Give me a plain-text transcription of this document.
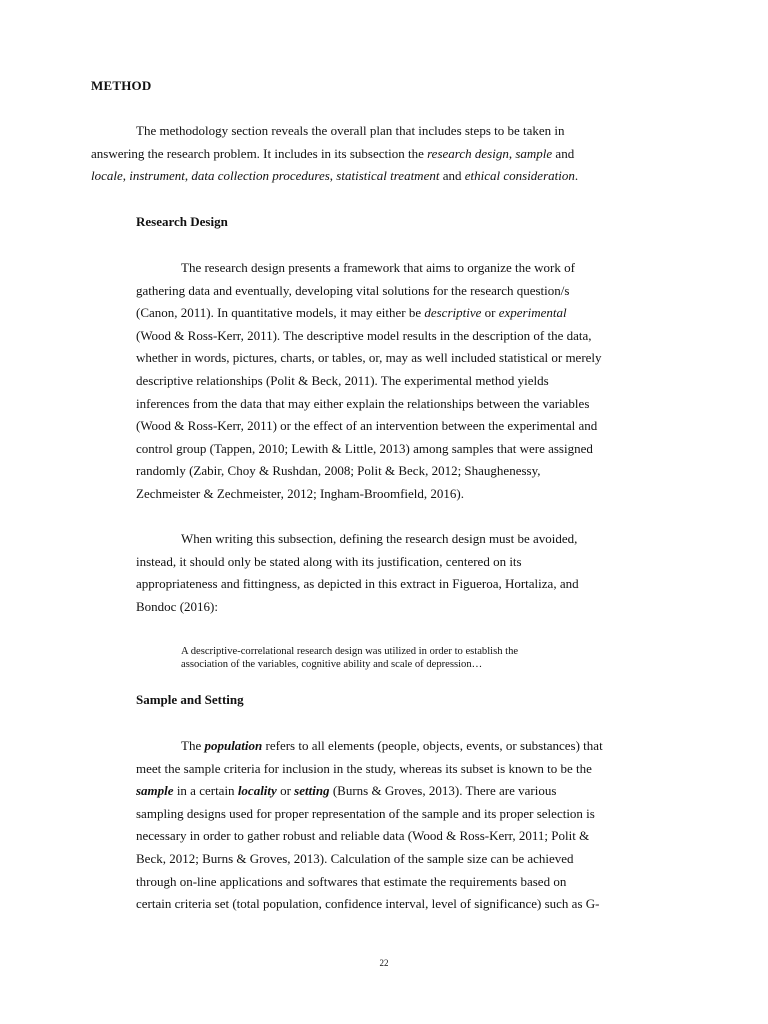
METHOD

The methodology section reveals the overall plan that includes steps to be taken in

answering the research problem. It includes in its subsection the research design, sample and

locale, instrument, data collection procedures, statistical treatment and ethical consideration.

Research Design

The research design presents a framework that aims to organize the work of

gathering data and eventually, developing vital solutions for the research question/s

(Canon, 2011). In quantitative models, it may either be descriptive or experimental

(Wood & Ross-Kerr, 2011). The descriptive model results in the description of the data,

whether in words, pictures, charts, or tables, or, may as well included statistical or merely

descriptive relationships (Polit & Beck, 2011). The experimental method yields

inferences from the data that may either explain the relationships between the variables

(Wood & Ross-Kerr, 2011) or the effect of an intervention between the experimental and

control group (Tappen, 2010; Lewith & Little, 2013) among samples that were assigned

randomly (Zabir, Choy & Rushdan, 2008; Polit & Beck, 2012; Shaughenessy,

Zechmeister & Zechmeister, 2012; Ingham-Broomfield, 2016).

When writing this subsection, defining the research design must be avoided,

instead, it should only be stated along with its justification, centered on its

appropriateness and fittingness, as depicted in this extract in Figueroa, Hortaliza, and

Bondoc (2016):

A descriptive-correlational research design was utilized in order to establish the

association of the variables, cognitive ability and scale of depression…

Sample and Setting

The population refers to all elements (people, objects, events, or substances) that

meet the sample criteria for inclusion in the study, whereas its subset is known to be the

sample in a certain locality or setting (Burns & Groves, 2013). There are various

sampling designs used for proper representation of the sample and its proper selection is

necessary in order to gather robust and reliable data (Wood & Ross-Kerr, 2011; Polit &

Beck, 2012; Burns & Groves, 2013). Calculation of the sample size can be achieved

through on-line applications and softwares that estimate the requirements based on

certain criteria set (total population, confidence interval, level of significance) such as G-

22
